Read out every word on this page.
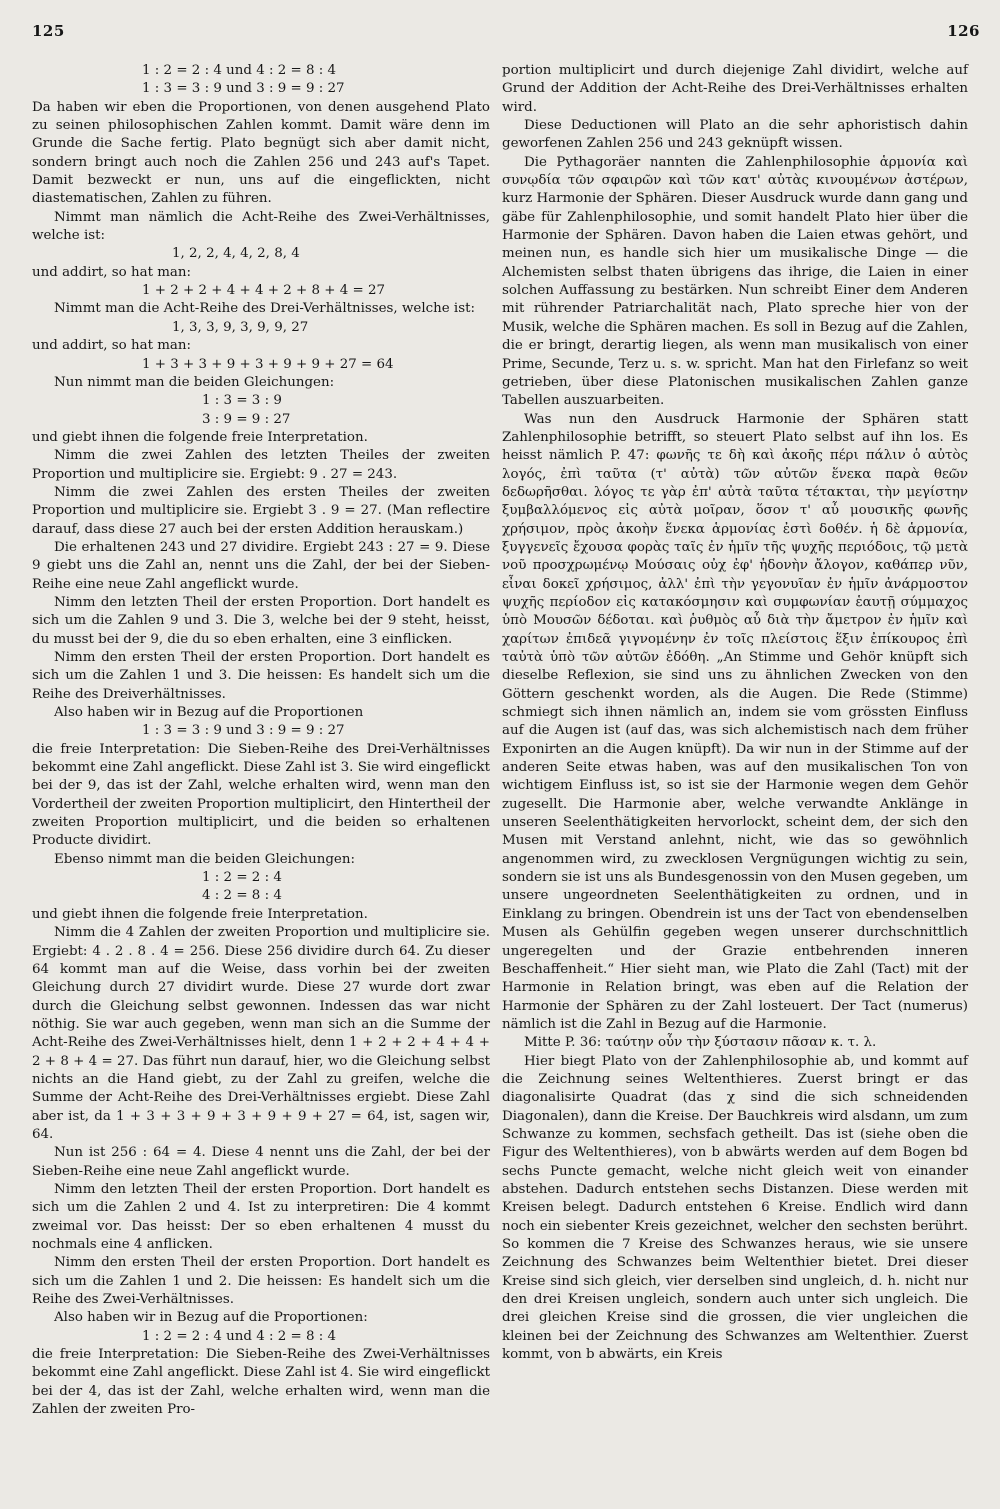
125	126
1 : 2 = 2 : 4 und 4 : 2 = 8 : 4
1 : 3 = 3 : 9 und 3 : 9 = 9 : 27

Da haben wir eben die Proportionen, von denen ausgehend Plato zu seinen philosophischen Zahlen kommt. Damit wäre denn im Grunde die Sache fertig. Plato begnügt sich aber damit nicht, sondern bringt auch noch die Zahlen 256 und 243 auf's Tapet. Damit bezweckt er nun, uns auf die eingeflickten, nicht diastematischen, Zahlen zu führen.

Nimmt man nämlich die Acht-Reihe des Zwei-Verhältnisses, welche ist:

1, 2, 2, 4, 4, 2, 8, 4

und addirt, so hat man:

1 + 2 + 2 + 4 + 4 + 2 + 8 + 4 = 27

Nimmt man die Acht-Reihe des Drei-Verhältnisses, welche ist:

1, 3, 3, 9, 3, 9, 9, 27

und addirt, so hat man:

1 + 3 + 3 + 9 + 3 + 9 + 9 + 27 = 64

Nun nimmt man die beiden Gleichungen:

1 : 3 = 3 : 9
3 : 9 = 9 : 27

und giebt ihnen die folgende freie Interpretation.

Nimm die zwei Zahlen des letzten Theiles der zweiten Proportion und multiplicire sie. Ergiebt: 9 . 27 = 243.

Nimm die zwei Zahlen des ersten Theiles der zweiten Proportion und multiplicire sie. Ergiebt 3 . 9 = 27. (Man reflectire darauf, dass diese 27 auch bei der ersten Addition herauskam.)

Die erhaltenen 243 und 27 dividire. Ergiebt 243 : 27 = 9. Diese 9 giebt uns die Zahl an, nennt uns die Zahl, der bei der Sieben-Reihe eine neue Zahl angeflickt wurde.

Nimm den letzten Theil der ersten Proportion. Dort handelt es sich um die Zahlen 9 und 3. Die 3, welche bei der 9 steht, heisst, du musst bei der 9, die du so eben erhalten, eine 3 einflicken.

Nimm den ersten Theil der ersten Proportion. Dort handelt es sich um die Zahlen 1 und 3. Die heissen: Es handelt sich um die Reihe des Dreiverhältnisses.

Also haben wir in Bezug auf die Proportionen

1 : 3 = 3 : 9 und 3 : 9 = 9 : 27

die freie Interpretation: Die Sieben-Reihe des Drei-Verhältnisses bekommt eine Zahl angeflickt. Diese Zahl ist 3. Sie wird eingeflickt bei der 9, das ist der Zahl, welche erhalten wird, wenn man den Vordertheil der zweiten Proportion multiplicirt, den Hintertheil der zweiten Proportion multiplicirt, und die beiden so erhaltenen Producte dividirt.

Ebenso nimmt man die beiden Gleichungen:

1 : 2 = 2 : 4
4 : 2 = 8 : 4

und giebt ihnen die folgende freie Interpretation.

Nimm die 4 Zahlen der zweiten Proportion und multiplicire sie. Ergiebt: 4 . 2 . 8 . 4 = 256. Diese 256 dividire durch 64. Zu dieser 64 kommt man auf die Weise, dass vorhin bei der zweiten Gleichung durch 27 dividirt wurde. Diese 27 wurde dort zwar durch die Gleichung selbst gewonnen. Indessen das war nicht nöthig. Sie war auch gegeben, wenn man sich an die Summe der Acht-Reihe des Zwei-Verhältnisses hielt, denn 1 + 2 + 2 + 4 + 4 + 2 + 8 + 4 = 27. Das führt nun darauf, hier, wo die Gleichung selbst nichts an die Hand giebt, zu der Zahl zu greifen, welche die Summe der Acht-Reihe des Drei-Verhältnisses ergiebt. Diese Zahl aber ist, da 1 + 3 + 3 + 9 + 3 + 9 + 9 + 27 = 64, ist, sagen wir, 64.

Nun ist 256 : 64 = 4. Diese 4 nennt uns die Zahl, der bei der Sieben-Reihe eine neue Zahl angeflickt wurde.

Nimm den letzten Theil der ersten Proportion. Dort handelt es sich um die Zahlen 2 und 4. Ist zu interpretiren: Die 4 kommt zweimal vor. Das heisst: Der so eben erhaltenen 4 musst du nochmals eine 4 anflicken.

Nimm den ersten Theil der ersten Proportion. Dort handelt es sich um die Zahlen 1 und 2. Die heissen: Es handelt sich um die Reihe des Zwei-Verhältnisses.

Also haben wir in Bezug auf die Proportionen:

1 : 2 = 2 : 4 und 4 : 2 = 8 : 4

die freie Interpretation: Die Sieben-Reihe des Zwei-Verhältnisses bekommt eine Zahl angeflickt. Diese Zahl ist 4. Sie wird eingeflickt bei der 4, das ist der Zahl, welche erhalten wird, wenn man die Zahlen der zweiten Pro-

portion multiplicirt und durch diejenige Zahl dividirt, welche auf Grund der Addition der Acht-Reihe des Drei-Verhältnisses erhalten wird.

Diese Deductionen will Plato an die sehr aphoristisch dahin geworfenen Zahlen 256 und 243 geknüpft wissen.

Die Pythagoräer nannten die Zahlenphilosophie ἁρμονία καὶ συνῳδία τῶν σφαιρῶν καὶ τῶν κατ' αὐτὰς κινουμένων ἀστέρων, kurz Harmonie der Sphären. Dieser Ausdruck wurde dann gang und gäbe für Zahlenphilosophie, und somit handelt Plato hier über die Harmonie der Sphären. Davon haben die Laien etwas gehört, und meinen nun, es handle sich hier um musikalische Dinge — die Alchemisten selbst thaten übrigens das ihrige, die Laien in einer solchen Auffassung zu bestärken. Nun schreibt Einer dem Anderen mit rührender Patriarchalität nach, Plato spreche hier von der Musik, welche die Sphären machen. Es soll in Bezug auf die Zahlen, die er bringt, derartig liegen, als wenn man musikalisch von einer Prime, Secunde, Terz u. s. w. spricht. Man hat den Firlefanz so weit getrieben, über diese Platonischen musikalischen Zahlen ganze Tabellen auszuarbeiten.

Was nun den Ausdruck Harmonie der Sphären statt Zahlenphilosophie betrifft, so steuert Plato selbst auf ihn los. Es heisst nämlich P. 47: φωνῆς τε δὴ καὶ ἀκοῆς πέρι πάλιν ὁ αὐτὸς λογός, ἐπὶ ταῦτα (τ' αὐτὰ) τῶν αὐτῶν ἕνεκα παρὰ θεῶν δεδωρῆσθαι. λόγος τε γὰρ ἐπ' αὐτὰ ταῦτα τέτακται, τὴν μεγίστην ξυμβαλλόμενος εἰς αὐτὰ μοῖραν, ὅσον τ' αὖ μουσικῆς φωνῆς χρήσιμον, πρὸς ἀκοὴν ἕνεκα ἁρμονίας ἐστὶ δοθέν. ἡ δὲ ἁρμονία, ξυγγενεῖς ἔχουσα φορὰς ταῖς ἐν ἡμῖν τῆς ψυχῆς περιόδοις, τῷ μετὰ νοῦ προσχρωμένῳ Μούσαις οὐχ ἐφ' ἡδονὴν ἄλογον, καθάπερ νῦν, εἶναι δοκεῖ χρήσιμος, ἀλλ' ἐπὶ τὴν γεγονυῖαν ἐν ἡμῖν ἀνάρμοστον ψυχῆς περίοδον εἰς κατακόσμησιν καὶ συμφωνίαν ἑαυτῇ σύμμαχος ὑπὸ Μουσῶν δέδοται. καὶ ῥυθμὸς αὖ διὰ τὴν ἄμετρον ἐν ἡμῖν καὶ χαρίτων ἐπιδεᾶ γιγνομένην ἐν τοῖς πλείστοις ἕξιν ἐπίκουρος ἐπὶ ταὐτὰ ὑπὸ τῶν αὐτῶν ἐδόθη. „An Stimme und Gehör knüpft sich dieselbe Reflexion, sie sind uns zu ähnlichen Zwecken von den Göttern geschenkt worden, als die Augen. Die Rede (Stimme) schmiegt sich ihnen nämlich an, indem sie vom grössten Einfluss auf die Augen ist (auf das, was sich alchemistisch nach dem früher Exponirten an die Augen knüpft). Da wir nun in der Stimme auf der anderen Seite etwas haben, was auf den musikalischen Ton von wichtigem Einfluss ist, so ist sie der Harmonie wegen dem Gehör zugesellt. Die Harmonie aber, welche verwandte Anklänge in unseren Seelenthätigkeiten hervorlockt, scheint dem, der sich den Musen mit Verstand anlehnt, nicht, wie das so gewöhnlich angenommen wird, zu zwecklosen Vergnügungen wichtig zu sein, sondern sie ist uns als Bundesgenossin von den Musen gegeben, um unsere ungeordneten Seelenthätigkeiten zu ordnen, und in Einklang zu bringen. Obendrein ist uns der Tact von ebendenselben Musen als Gehülfin gegeben wegen unserer durchschnittlich ungeregelten und der Grazie entbehrenden inneren Beschaffenheit.“ Hier sieht man, wie Plato die Zahl (Tact) mit der Harmonie in Relation bringt, was eben auf die Relation der Harmonie der Sphären zu der Zahl losteuert. Der Tact (numerus) nämlich ist die Zahl in Bezug auf die Harmonie.

Mitte P. 36: ταύτην οὖν τὴν ξύστασιν πᾶσαν κ. τ. λ.

Hier biegt Plato von der Zahlenphilosophie ab, und kommt auf die Zeichnung seines Weltenthieres. Zuerst bringt er das diagonalisirte Quadrat (das χ sind die sich schneidenden Diagonalen), dann die Kreise. Der Bauchkreis wird alsdann, um zum Schwanze zu kommen, sechsfach getheilt. Das ist (siehe oben die Figur des Weltenthieres), von b abwärts werden auf dem Bogen bd sechs Puncte gemacht, welche nicht gleich weit von einander abstehen. Dadurch entstehen sechs Distanzen. Diese werden mit Kreisen belegt. Dadurch entstehen 6 Kreise. Endlich wird dann noch ein siebenter Kreis gezeichnet, welcher den sechsten berührt. So kommen die 7 Kreise des Schwanzes heraus, wie sie unsere Zeichnung des Schwanzes beim Weltenthier bietet. Drei dieser Kreise sind sich gleich, vier derselben sind ungleich, d. h. nicht nur den drei Kreisen ungleich, sondern auch unter sich ungleich. Die drei gleichen Kreise sind die grossen, die vier ungleichen die kleinen bei der Zeichnung des Schwanzes am Weltenthier. Zuerst kommt, von b abwärts, ein Kreis
